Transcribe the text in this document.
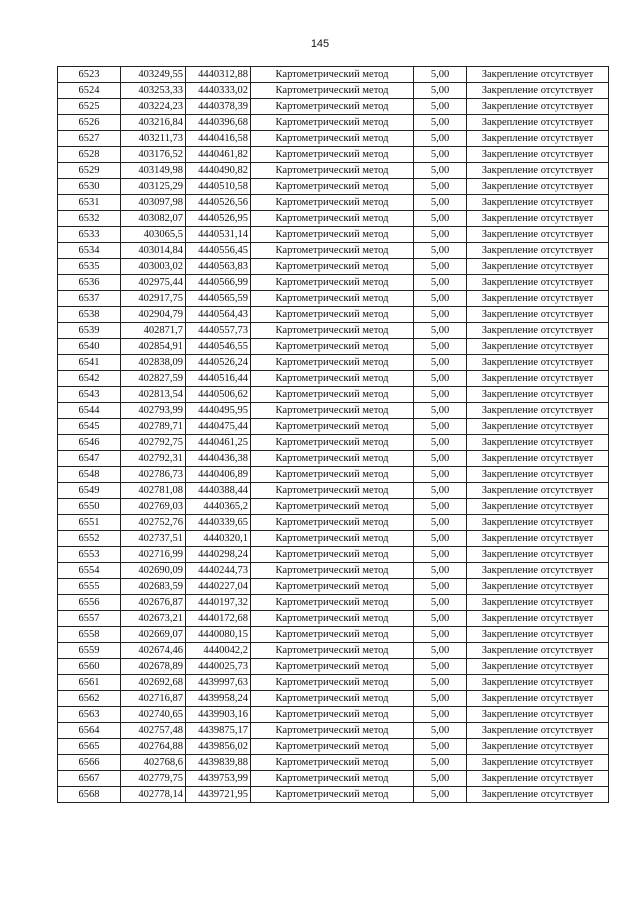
145
6523	403249,55	4440312,88	Картометрический метод	5,00	Закрепление отсутствует
6524	403253,33	4440333,02	Картометрический метод	5,00	Закрепление отсутствует
6525	403224,23	4440378,39	Картометрический метод	5,00	Закрепление отсутствует
6526	403216,84	4440396,68	Картометрический метод	5,00	Закрепление отсутствует
6527	403211,73	4440416,58	Картометрический метод	5,00	Закрепление отсутствует
6528	403176,52	4440461,82	Картометрический метод	5,00	Закрепление отсутствует
6529	403149,98	4440490,82	Картометрический метод	5,00	Закрепление отсутствует
6530	403125,29	4440510,58	Картометрический метод	5,00	Закрепление отсутствует
6531	403097,98	4440526,56	Картометрический метод	5,00	Закрепление отсутствует
6532	403082,07	4440526,95	Картометрический метод	5,00	Закрепление отсутствует
6533	403065,5	4440531,14	Картометрический метод	5,00	Закрепление отсутствует
6534	403014,84	4440556,45	Картометрический метод	5,00	Закрепление отсутствует
6535	403003,02	4440563,83	Картометрический метод	5,00	Закрепление отсутствует
6536	402975,44	4440566,99	Картометрический метод	5,00	Закрепление отсутствует
6537	402917,75	4440565,59	Картометрический метод	5,00	Закрепление отсутствует
6538	402904,79	4440564,43	Картометрический метод	5,00	Закрепление отсутствует
6539	402871,7	4440557,73	Картометрический метод	5,00	Закрепление отсутствует
6540	402854,91	4440546,55	Картометрический метод	5,00	Закрепление отсутствует
6541	402838,09	4440526,24	Картометрический метод	5,00	Закрепление отсутствует
6542	402827,59	4440516,44	Картометрический метод	5,00	Закрепление отсутствует
6543	402813,54	4440506,62	Картометрический метод	5,00	Закрепление отсутствует
6544	402793,99	4440495,95	Картометрический метод	5,00	Закрепление отсутствует
6545	402789,71	4440475,44	Картометрический метод	5,00	Закрепление отсутствует
6546	402792,75	4440461,25	Картометрический метод	5,00	Закрепление отсутствует
6547	402792,31	4440436,38	Картометрический метод	5,00	Закрепление отсутствует
6548	402786,73	4440406,89	Картометрический метод	5,00	Закрепление отсутствует
6549	402781,08	4440388,44	Картометрический метод	5,00	Закрепление отсутствует
6550	402769,03	4440365,2	Картометрический метод	5,00	Закрепление отсутствует
6551	402752,76	4440339,65	Картометрический метод	5,00	Закрепление отсутствует
6552	402737,51	4440320,1	Картометрический метод	5,00	Закрепление отсутствует
6553	402716,99	4440298,24	Картометрический метод	5,00	Закрепление отсутствует
6554	402690,09	4440244,73	Картометрический метод	5,00	Закрепление отсутствует
6555	402683,59	4440227,04	Картометрический метод	5,00	Закрепление отсутствует
6556	402676,87	4440197,32	Картометрический метод	5,00	Закрепление отсутствует
6557	402673,21	4440172,68	Картометрический метод	5,00	Закрепление отсутствует
6558	402669,07	4440080,15	Картометрический метод	5,00	Закрепление отсутствует
6559	402674,46	4440042,2	Картометрический метод	5,00	Закрепление отсутствует
6560	402678,89	4440025,73	Картометрический метод	5,00	Закрепление отсутствует
6561	402692,68	4439997,63	Картометрический метод	5,00	Закрепление отсутствует
6562	402716,87	4439958,24	Картометрический метод	5,00	Закрепление отсутствует
6563	402740,65	4439903,16	Картометрический метод	5,00	Закрепление отсутствует
6564	402757,48	4439875,17	Картометрический метод	5,00	Закрепление отсутствует
6565	402764,88	4439856,02	Картометрический метод	5,00	Закрепление отсутствует
6566	402768,6	4439839,88	Картометрический метод	5,00	Закрепление отсутствует
6567	402779,75	4439753,99	Картометрический метод	5,00	Закрепление отсутствует
6568	402778,14	4439721,95	Картометрический метод	5,00	Закрепление отсутствует
